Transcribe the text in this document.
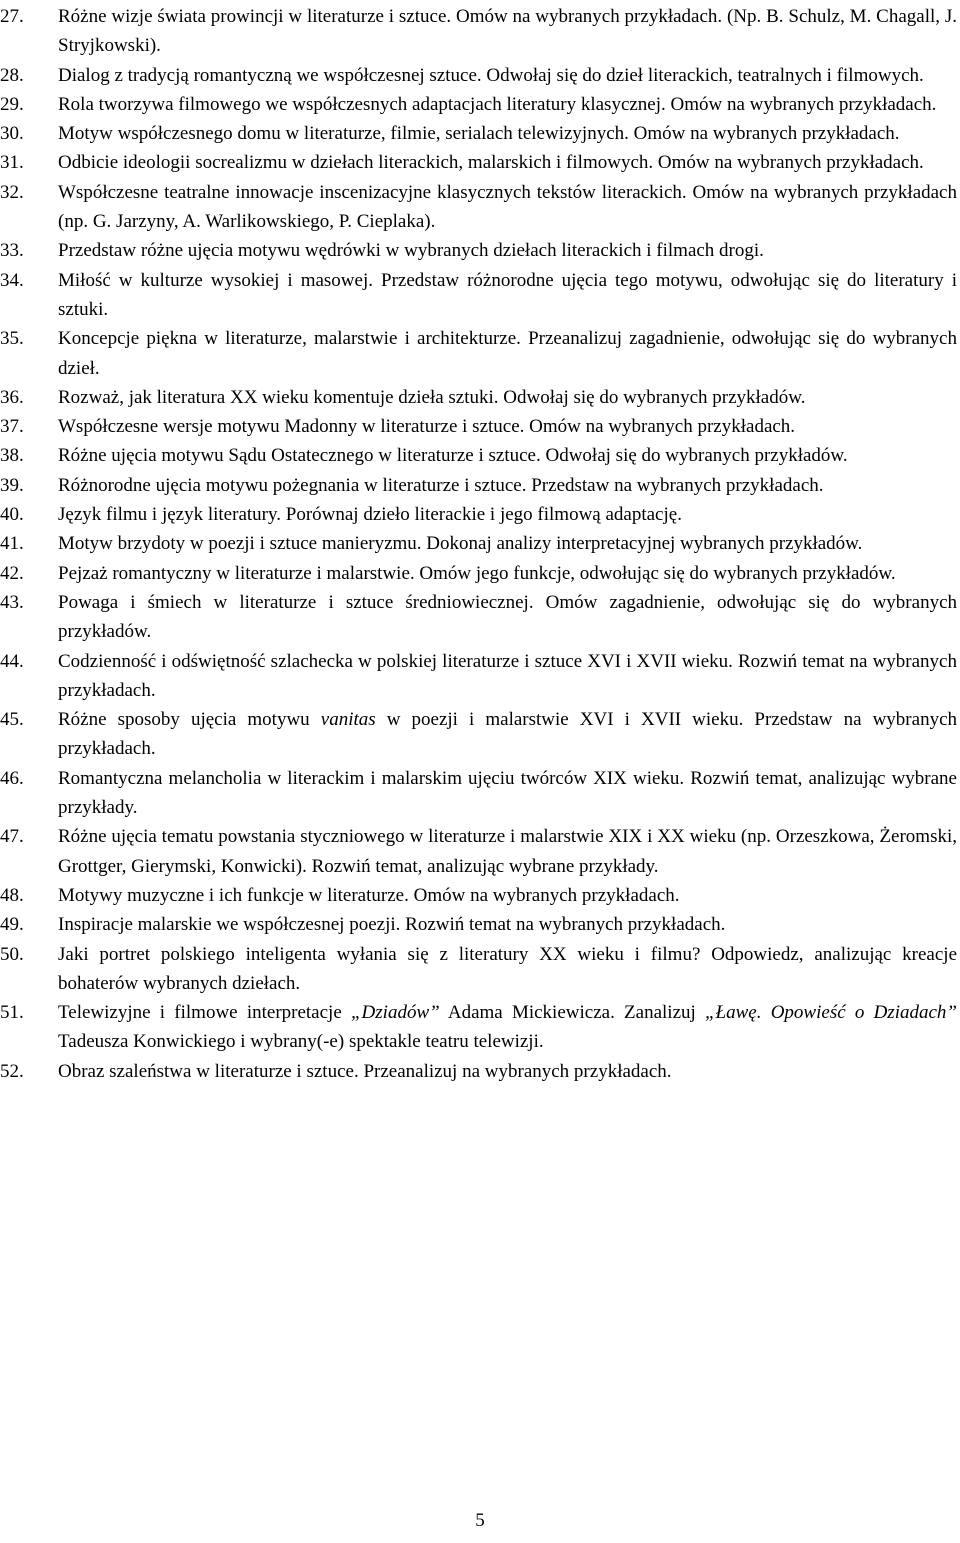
27. Różne wizje świata prowincji w literaturze i sztuce. Omów na wybranych przykładach. (Np. B. Schulz, M. Chagall, J. Stryjkowski).
28. Dialog z tradycją romantyczną we współczesnej sztuce. Odwołaj się do dzieł literackich, teatralnych i filmowych.
29. Rola tworzywa filmowego we współczesnych adaptacjach literatury klasycznej. Omów na wybranych przykładach.
30. Motyw współczesnego domu w literaturze, filmie, serialach telewizyjnych. Omów na wybranych przykładach.
31. Odbicie ideologii socrealizmu w dziełach literackich, malarskich i filmowych. Omów na wybranych przykładach.
32. Współczesne teatralne innowacje inscenizacyjne klasycznych tekstów literackich. Omów na wybranych przykładach (np. G. Jarzyny, A. Warlikowskiego, P. Cieplaka).
33. Przedstaw różne ujęcia motywu wędrówki w wybranych dziełach literackich i filmach drogi.
34. Miłość w kulturze wysokiej i masowej. Przedstaw różnorodne ujęcia tego motywu, odwołując się do literatury i sztuki.
35. Koncepcje piękna w literaturze, malarstwie i architekturze. Przeanalizuj zagadnienie, odwołując się do wybranych dzieł.
36. Rozważ, jak literatura XX wieku komentuje dzieła sztuki. Odwołaj się do wybranych przykładów.
37. Współczesne wersje motywu Madonny w literaturze i sztuce. Omów na wybranych przykładach.
38. Różne ujęcia motywu Sądu Ostatecznego w literaturze i sztuce. Odwołaj się do wybranych przykładów.
39. Różnorodne ujęcia motywu pożegnania w literaturze i sztuce. Przedstaw na wybranych przykładach.
40. Język filmu i język literatury. Porównaj dzieło literackie i jego filmową adaptację.
41. Motyw brzydoty w poezji i sztuce manieryzmu. Dokonaj analizy interpretacyjnej wybranych przykładów.
42. Pejzaż romantyczny w literaturze i malarstwie. Omów jego funkcje, odwołując się do wybranych przykładów.
43. Powaga i śmiech w literaturze i sztuce średniowiecznej. Omów zagadnienie, odwołując się do wybranych przykładów.
44. Codzienność i odświętność szlachecka w polskiej literaturze i sztuce XVI i XVII wieku. Rozwiń temat na wybranych przykładach.
45. Różne sposoby ujęcia motywu vanitas w poezji i malarstwie XVI i XVII wieku. Przedstaw na wybranych przykładach.
46. Romantyczna melancholia w literackim i malarskim ujęciu twórców XIX wieku. Rozwiń temat, analizując wybrane przykłady.
47. Różne ujęcia tematu powstania styczniowego w literaturze i malarstwie XIX i XX wieku (np. Orzeszkowa, Żeromski, Grottger, Gierymski, Konwicki). Rozwiń temat, analizując wybrane przykłady.
48. Motywy muzyczne i ich funkcje w literaturze. Omów na wybranych przykładach.
49. Inspiracje malarskie we współczesnej poezji. Rozwiń temat na wybranych przykładach.
50. Jaki portret polskiego inteligenta wyłania się z literatury XX wieku i filmu? Odpowiedz, analizując kreacje bohaterów wybranych dziełach.
51. Telewizyjne i filmowe interpretacje „Dziadów” Adama Mickiewicza. Zanalizuj „Ławę. Opowieść o Dziadach” Tadeusza Konwickiego i wybrany(-e) spektakle teatru telewizji.
52. Obraz szaleństwa w literaturze i sztuce. Przeanalizuj na wybranych przykładach.
5
